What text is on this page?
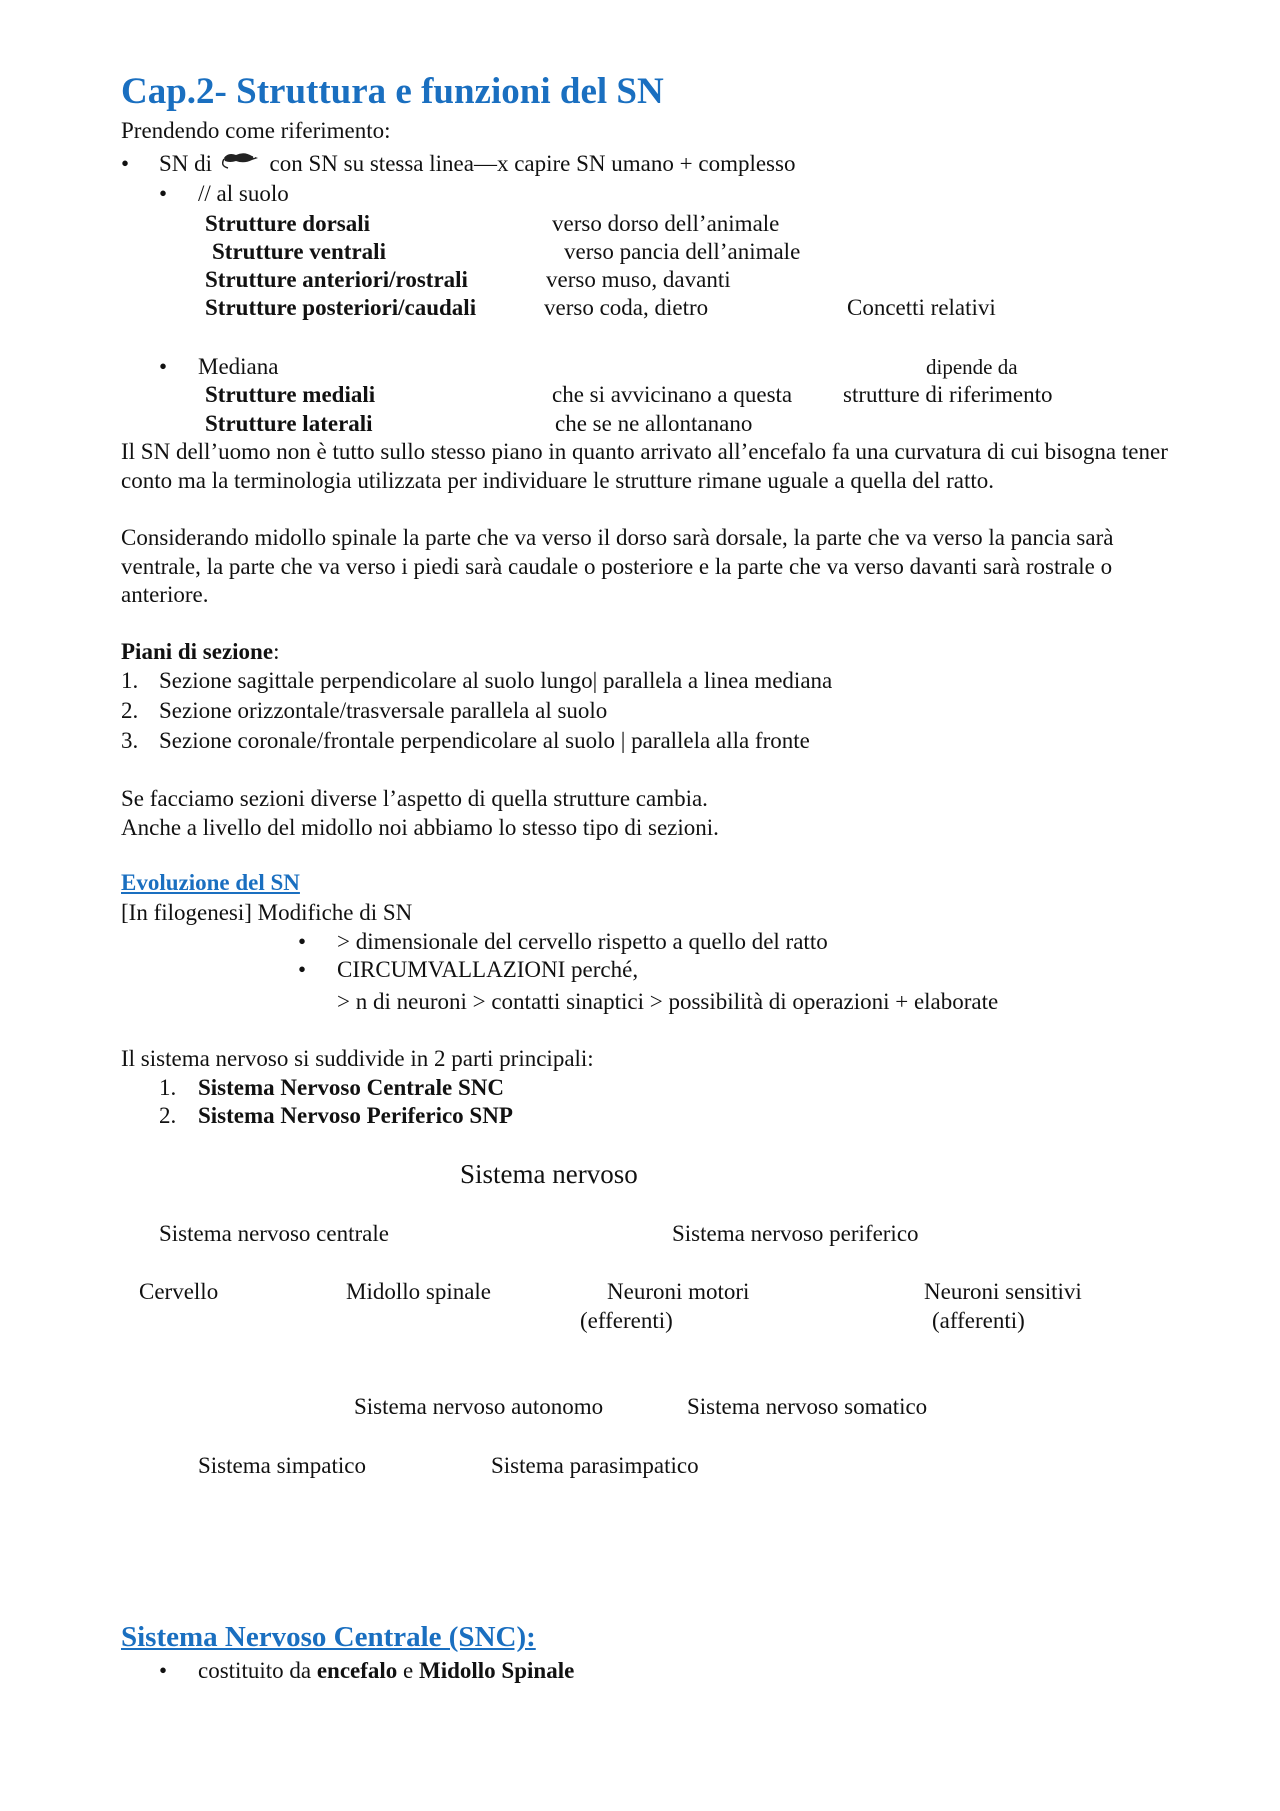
Cap.2- Struttura e funzioni del SN
Prendendo come riferimento:
• SN di	con SN su stessa linea—x capire SN umano + complesso
• // al suolo
Strutture dorsali	verso dorso dell’animale
Strutture ventrali	verso pancia dell’animale
Strutture anteriori/rostrali	verso muso, davanti
Strutture posteriori/caudali	verso coda, dietro	Concetti relativi
• Mediana	dipende da
Strutture mediali	che si avvicinano a questa strutture di riferimento
Strutture laterali	che se ne allontanano
Il SN dell’uomo non è tutto sullo stesso piano in quanto arrivato all’encefalo fa una curvatura di cui bisogna tener conto ma la terminologia utilizzata per individuare le strutture rimane uguale a quella del ratto.
Considerando midollo spinale la parte che va verso il dorso sarà dorsale, la parte che va verso la pancia sarà ventrale, la parte che va verso i piedi sarà caudale o posteriore e la parte che va verso davanti sarà rostrale o anteriore.
Piani di sezione:
1. Sezione sagittale perpendicolare al suolo lungo| parallela a linea mediana
2. Sezione orizzontale/trasversale parallela al suolo
3. Sezione coronale/frontale perpendicolare al suolo | parallela alla fronte
Se facciamo sezioni diverse l’aspetto di quella strutture cambia.
Anche a livello del midollo noi abbiamo lo stesso tipo di sezioni.
Evoluzione del SN
[In filogenesi] Modifiche di SN
• > dimensionale del cervello rispetto a quello del ratto
• CIRCUMVALLAZIONI perché,
> n di neuroni > contatti sinaptici > possibilità di operazioni + elaborate
Il sistema nervoso si suddivide in 2 parti principali:
1. Sistema Nervoso Centrale SNC
2. Sistema Nervoso Periferico SNP
Sistema nervoso
Sistema nervoso centrale	Sistema nervoso periferico
Cervello	Midollo spinale	Neuroni motori
(efferenti)
Neuroni sensitivi
(afferenti)
Sistema nervoso autonomo	Sistema nervoso somatico
Sistema simpatico	Sistema parasimpatico
Sistema Nervoso Centrale (SNC):
• costituito da encefalo e Midollo Spinale
